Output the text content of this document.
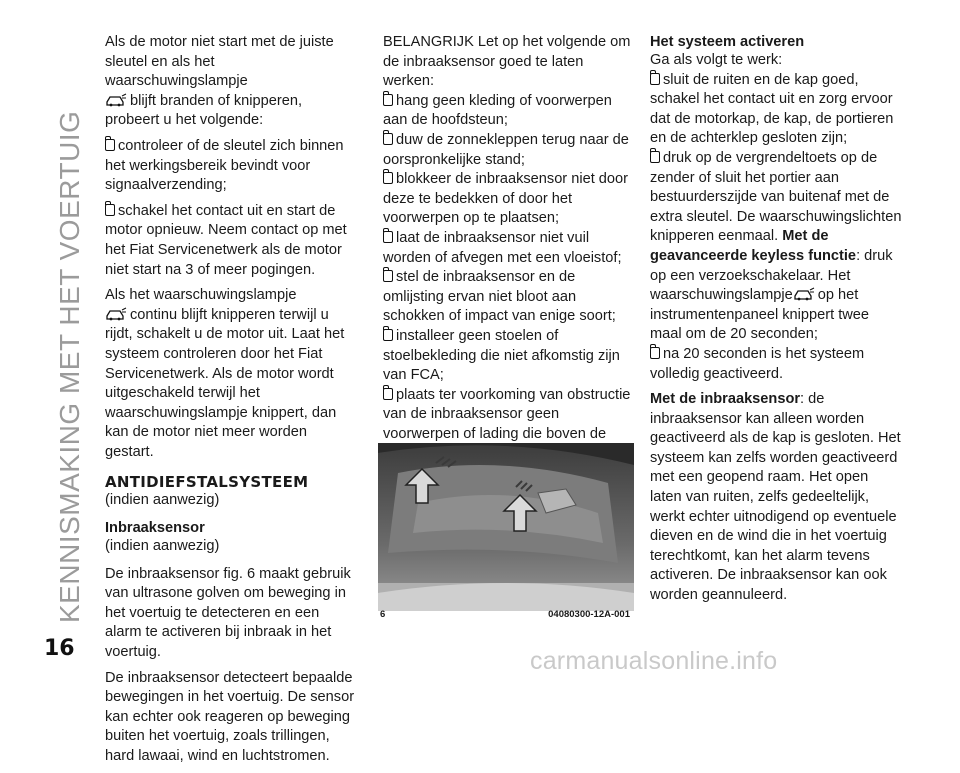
KENNISMAKING MET HET VOERTUIG
16

Als de motor niet start met de juiste sleutel en als het waarschuwingslampje
blijft branden of knipperen, probeert u het volgende:

controleer of de sleutel zich binnen het werkingsbereik bevindt voor signaalverzending;

schakel het contact uit en start de motor opnieuw. Neem contact op met het Fiat Servicenetwerk als de motor niet start na 3 of meer pogingen.

Als het waarschuwingslampje
continu blijft knipperen terwijl u rijdt, schakelt u de motor uit. Laat het systeem controleren door het Fiat Servicenetwerk. Als de motor wordt uitgeschakeld terwijl het waarschuwingslampje knippert, dan kan de motor niet meer worden gestart.

ANTIDIEFSTALSYSTEEM

(indien aanwezig)

Inbraaksensor

(indien aanwezig)

De inbraaksensor fig. 6 maakt gebruik van ultrasone golven om beweging in het voertuig te detecteren en een alarm te activeren bij inbraak in het voertuig.

De inbraaksensor detecteert bepaalde bewegingen in het voertuig. De sensor kan echter ook reageren op beweging buiten het voertuig, zoals trillingen, hard lawaai, wind en luchtstromen.

BELANGRIJK Let op het volgende om de inbraaksensor goed te laten werken:

hang geen kleding of voorwerpen aan de hoofdsteun;

duw de zonnekleppen terug naar de oorspronkelijke stand;

blokkeer de inbraaksensor niet door deze te bedekken of door het voorwerpen op te plaatsen;

laat de inbraaksensor niet vuil worden of afvegen met een vloeistof;

stel de inbraaksensor en de omlijsting ervan niet bloot aan schokken of impact van enige soort;

installeer geen stoelen of stoelbekleding die niet afkomstig zijn van FCA;

plaats ter voorkoming van obstructie van de inbraaksensor geen voorwerpen of lading die boven de

6	04080300-12A-001
Het systeem activeren

Ga als volgt te werk:

sluit de ruiten en de kap goed, schakel het contact uit en zorg ervoor dat de motorkap, de kap, de portieren en de achterklep gesloten zijn;

druk op de vergrendeltoets op de zender of sluit het portier aan bestuurderszijde van buitenaf met de extra sleutel. De waarschuwingslichten knipperen eenmaal. Met de geavanceerde keyless functie: druk op een verzoekschakelaar. Het waarschuwingslampje op het instrumentenpaneel knippert twee maal om de 20 seconden;

na 20 seconden is het systeem volledig geactiveerd.

Met de inbraaksensor: de inbraaksensor kan alleen worden geactiveerd als de kap is gesloten. Het systeem kan zelfs worden geactiveerd met een geopend raam. Het open laten van ruiten, zelfs gedeeltelijk, werkt echter uitnodigend op eventuele dieven en de wind die in het voertuig terechtkomt, kan het alarm tevens activeren. De inbraaksensor kan ook worden geannuleerd.

carmanualsonline.info
